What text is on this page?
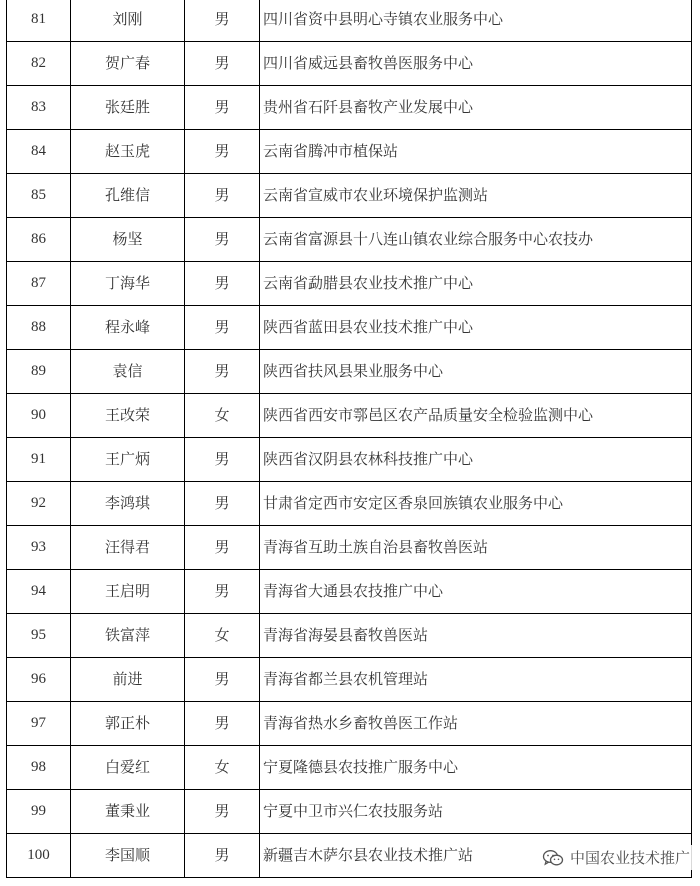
81	刘刚	男	四川省资中县明心寺镇农业服务中心
82	贺广春	男	四川省威远县畜牧兽医服务中心
83	张廷胜	男	贵州省石阡县畜牧产业发展中心
84	赵玉虎	男	云南省腾冲市植保站
85	孔维信	男	云南省宣威市农业环境保护监测站
86	杨坚	男	云南省富源县十八连山镇农业综合服务中心农技办
87	丁海华	男	云南省勐腊县农业技术推广中心
88	程永峰	男	陕西省蓝田县农业技术推广中心
89	袁信	男	陕西省扶风县果业服务中心
90	王改荣	女	陕西省西安市鄠邑区农产品质量安全检验监测中心
91	王广炳	男	陕西省汉阴县农林科技推广中心
92	李鸿琪	男	甘肃省定西市安定区香泉回族镇农业服务中心
93	汪得君	男	青海省互助土族自治县畜牧兽医站
94	王启明	男	青海省大通县农技推广中心
95	铁富萍	女	青海省海晏县畜牧兽医站
96	前进	男	青海省都兰县农机管理站
97	郭正朴	男	青海省热水乡畜牧兽医工作站
98	白爱红	女	宁夏隆德县农技推广服务中心
99	董秉业	男	宁夏中卫市兴仁农技服务站
100	李国顺	男	新疆吉木萨尔县农业技术推广站	中国农业技术推广
